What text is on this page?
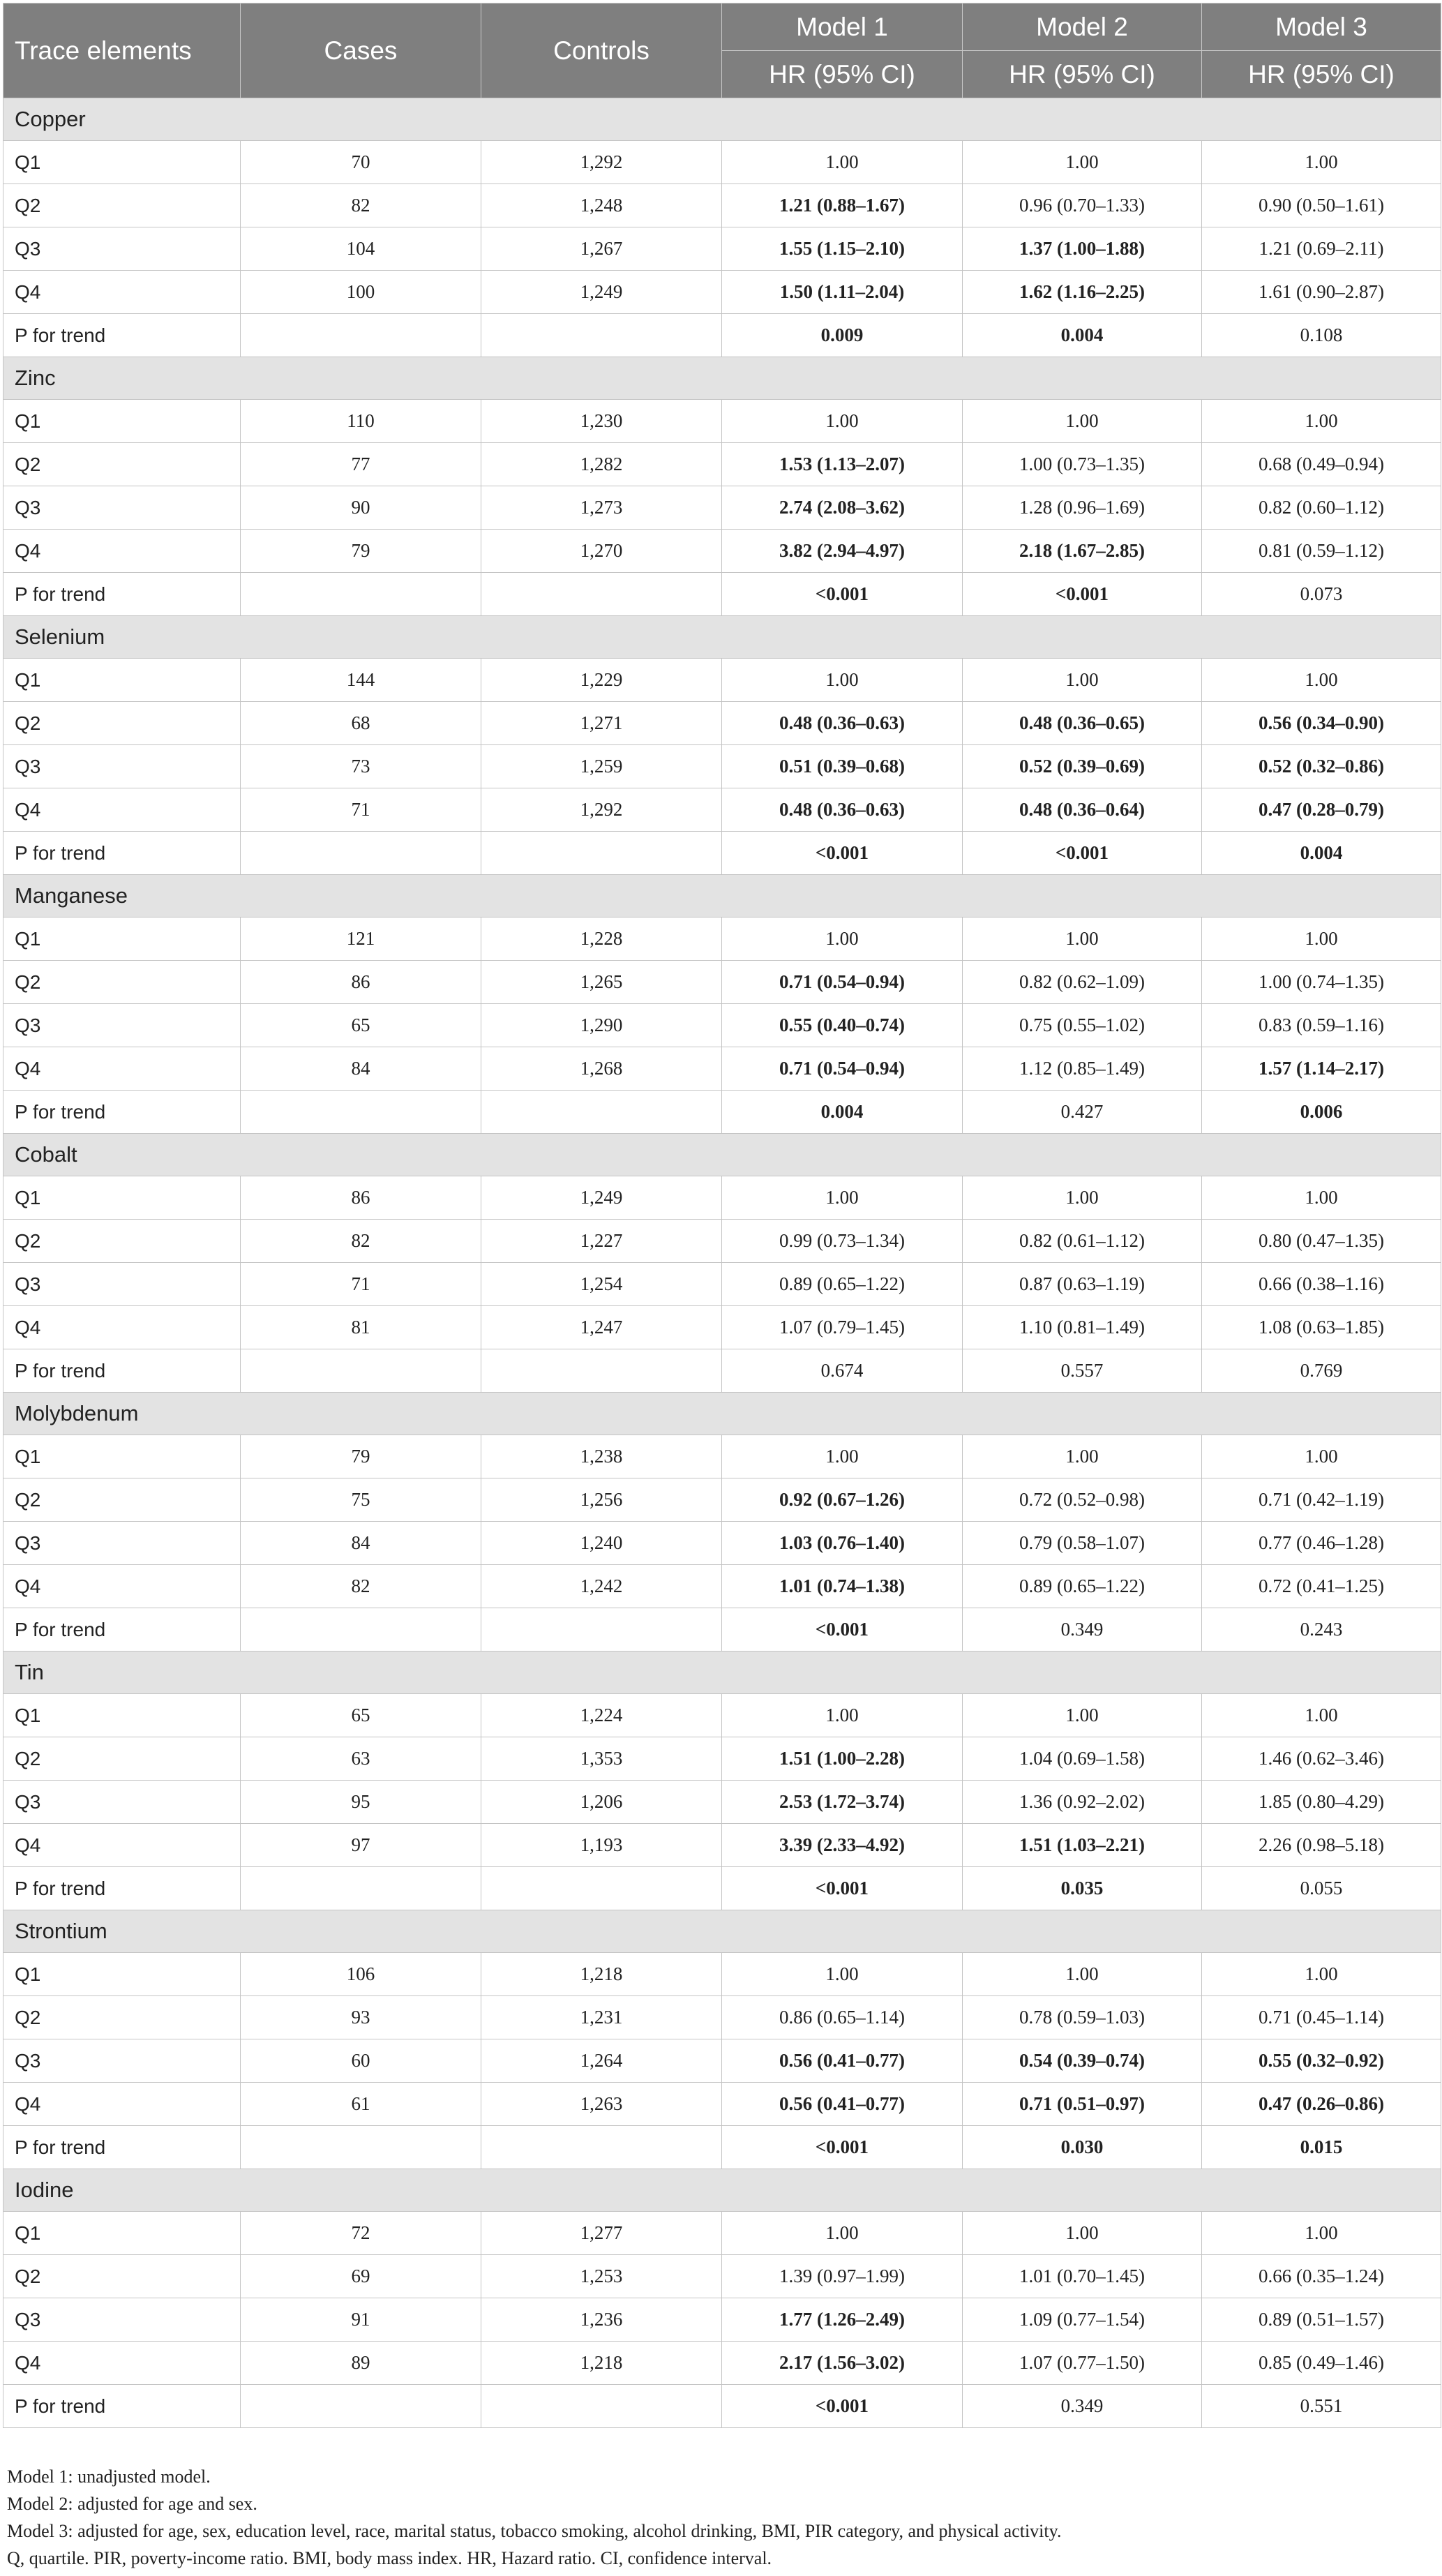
Trace elements	Cases	Controls	Model 1	Model 2	Model 3
			HR (95% CI)	HR (95% CI)	HR (95% CI)
Copper					
Q1	70	1,292	1.00	1.00	1.00
Q2	82	1,248	1.21 (0.88–1.67)	0.96 (0.70–1.33)	0.90 (0.50–1.61)
Q3	104	1,267	1.55 (1.15–2.10)	1.37 (1.00–1.88)	1.21 (0.69–2.11)
Q4	100	1,249	1.50 (1.11–2.04)	1.62 (1.16–2.25)	1.61 (0.90–2.87)
P for trend			0.009	0.004	0.108
Zinc					
Q1	110	1,230	1.00	1.00	1.00
Q2	77	1,282	1.53 (1.13–2.07)	1.00 (0.73–1.35)	0.68 (0.49–0.94)
Q3	90	1,273	2.74 (2.08–3.62)	1.28 (0.96–1.69)	0.82 (0.60–1.12)
Q4	79	1,270	3.82 (2.94–4.97)	2.18 (1.67–2.85)	0.81 (0.59–1.12)
P for trend			<0.001	<0.001	0.073
Selenium					
Q1	144	1,229	1.00	1.00	1.00
Q2	68	1,271	0.48 (0.36–0.63)	0.48 (0.36–0.65)	0.56 (0.34–0.90)
Q3	73	1,259	0.51 (0.39–0.68)	0.52 (0.39–0.69)	0.52 (0.32–0.86)
Q4	71	1,292	0.48 (0.36–0.63)	0.48 (0.36–0.64)	0.47 (0.28–0.79)
P for trend			<0.001	<0.001	0.004
Manganese					
Q1	121	1,228	1.00	1.00	1.00
Q2	86	1,265	0.71 (0.54–0.94)	0.82 (0.62–1.09)	1.00 (0.74–1.35)
Q3	65	1,290	0.55 (0.40–0.74)	0.75 (0.55–1.02)	0.83 (0.59–1.16)
Q4	84	1,268	0.71 (0.54–0.94)	1.12 (0.85–1.49)	1.57 (1.14–2.17)
P for trend			0.004	0.427	0.006
Cobalt					
Q1	86	1,249	1.00	1.00	1.00
Q2	82	1,227	0.99 (0.73–1.34)	0.82 (0.61–1.12)	0.80 (0.47–1.35)
Q3	71	1,254	0.89 (0.65–1.22)	0.87 (0.63–1.19)	0.66 (0.38–1.16)
Q4	81	1,247	1.07 (0.79–1.45)	1.10 (0.81–1.49)	1.08 (0.63–1.85)
P for trend			0.674	0.557	0.769
Molybdenum					
Q1	79	1,238	1.00	1.00	1.00
Q2	75	1,256	0.92 (0.67–1.26)	0.72 (0.52–0.98)	0.71 (0.42–1.19)
Q3	84	1,240	1.03 (0.76–1.40)	0.79 (0.58–1.07)	0.77 (0.46–1.28)
Q4	82	1,242	1.01 (0.74–1.38)	0.89 (0.65–1.22)	0.72 (0.41–1.25)
P for trend			<0.001	0.349	0.243
Tin					
Q1	65	1,224	1.00	1.00	1.00
Q2	63	1,353	1.51 (1.00–2.28)	1.04 (0.69–1.58)	1.46 (0.62–3.46)
Q3	95	1,206	2.53 (1.72–3.74)	1.36 (0.92–2.02)	1.85 (0.80–4.29)
Q4	97	1,193	3.39 (2.33–4.92)	1.51 (1.03–2.21)	2.26 (0.98–5.18)
P for trend			<0.001	0.035	0.055
Strontium					
Q1	106	1,218	1.00	1.00	1.00
Q2	93	1,231	0.86 (0.65–1.14)	0.78 (0.59–1.03)	0.71 (0.45–1.14)
Q3	60	1,264	0.56 (0.41–0.77)	0.54 (0.39–0.74)	0.55 (0.32–0.92)
Q4	61	1,263	0.56 (0.41–0.77)	0.71 (0.51–0.97)	0.47 (0.26–0.86)
P for trend			<0.001	0.030	0.015
Iodine					
Q1	72	1,277	1.00	1.00	1.00
Q2	69	1,253	1.39 (0.97–1.99)	1.01 (0.70–1.45)	0.66 (0.35–1.24)
Q3	91	1,236	1.77 (1.26–2.49)	1.09 (0.77–1.54)	0.89 (0.51–1.57)
Q4	89	1,218	2.17 (1.56–3.02)	1.07 (0.77–1.50)	0.85 (0.49–1.46)
P for trend			<0.001	0.349	0.551
Model 1: unadjusted model.
Model 2: adjusted for age and sex.
Model 3: adjusted for age, sex, education level, race, marital status, tobacco smoking, alcohol drinking, BMI, PIR category, and physical activity.
Q, quartile. PIR, poverty-income ratio. BMI, body mass index. HR, Hazard ratio. CI, confidence interval.
